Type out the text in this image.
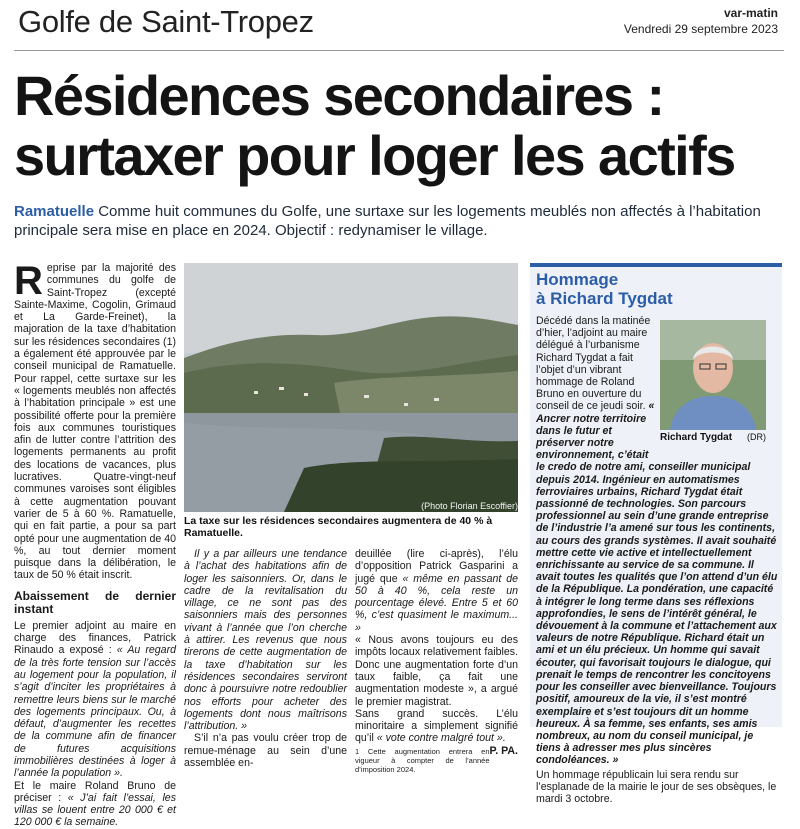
Golfe de Saint-Tropez	var-matin
Vendredi 29 septembre 2023
Résidences secondaires :
surtaxer pour loger les actifs
Ramatuelle Comme huit communes du Golfe, une surtaxe sur les logements meublés non affectés à l’habitation principale sera mise en place en 2024. Objectif : redynamiser le village.

Reprise par la majorité des communes du golfe de Saint-Tropez (excepté Sainte-Maxime, Cogolin, Grimaud et La Garde-Freinet), la majoration de la taxe d’habitation sur les résidences secondaires (1) a également été approuvée par le conseil municipal de Ramatuelle. Pour rappel, cette surtaxe sur les « logements meublés non affectés à l’habitation principale » est une possibilité offerte pour la première fois aux communes touristiques afin de lutter contre l’attrition des logements permanents au profit des locations de vacances, plus lucratives. Quatre-vingt-neuf communes varoises sont éligibles à cette augmentation pouvant varier de 5 à 60 %. Ramatuelle, qui en fait partie, a pour sa part opté pour une augmentation de 40 %, au tout dernier moment puisque dans la délibération, le taux de 50 % était inscrit.

Abaissement de dernier instant

Le premier adjoint au maire en charge des finances, Patrick Rinaudo a exposé : « Au regard de la très forte tension sur l’accès au logement pour la population, il s’agit d’inciter les propriétaires à remettre leurs biens sur le marché des logements principaux. Ou, à défaut, d’augmenter les recettes de la commune afin de financer de futures acquisitions immobilières destinées à loger à l’année la population ».

Et le maire Roland Bruno de préciser : « J’ai fait l’essai, les villas se louent entre 20 000 € et 120 000 € la semaine.

La taxe sur les résidences secondaires augmentera de 40 % à Ramatuelle.
(Photo Florian Escoffier)

Il y a par ailleurs une tendance à l’achat des habitations afin de loger les saisonniers. Or, dans le cadre de la revitalisation du village, ce ne sont pas des saisonniers mais des personnes vivant à l’année que l’on cherche à attirer. Les revenus que nous tirerons de cette augmentation de la taxe d’habitation sur les résidences secondaires serviront donc à poursuivre notre redoublier nos efforts pour acheter des logements dont nous maîtrisons l’attribution. »

S’il n’a pas voulu créer trop de remue-ménage au sein d’une assemblée en-

deuillée (lire ci-après), l’élu d’opposition Patrick Gasparini a jugé que « même en passant de 50 à 40 %, cela reste un pourcentage élevé. Entre 5 et 60 %, c’est quasiment le maximum... »

« Nous avons toujours eu des impôts locaux relativement faibles. Donc une augmentation forte d’un taux faible, ça fait une augmentation modeste », a argué le premier magistrat.

Sans grand succès. L’élu minoritaire a simplement signifié qu’il « vote contre malgré tout ».
P. PA.

1 Cette augmentation entrera en vigueur à compter de l’année d’imposition 2024.

Hommage
à Richard Tygdat
Richard Tygdat (DR)
Décédé dans la matinée d’hier, l’adjoint au maire délégué à l’urbanisme Richard Tygdat a fait l’objet d’un vibrant hommage de Roland Bruno en ouverture du conseil de ce jeudi soir. « Ancrer notre territoire dans le futur et préserver notre environnement, c’était le credo de notre ami, conseiller municipal depuis 2014. Ingénieur en automatismes ferroviaires urbains, Richard Tygdat était passionné de technologies. Son parcours professionnel au sein d’une grande entreprise de l’industrie l’a amené sur tous les continents, au cours des grands systèmes. Il avait souhaité mettre cette vie active et intellectuellement enrichissante au service de sa commune. Il avait toutes les qualités que l’on attend d’un élu de la République. La pondération, une capacité à intégrer le long terme dans ses réflexions approfondies, le sens de l’intérêt général, le dévouement à la commune et l’attachement aux valeurs de notre République. Richard était un ami et un élu précieux. Un homme qui savait écouter, qui favorisait toujours le dialogue, qui prenait le temps de rencontrer les concitoyens pour les conseiller avec bienveillance. Toujours positif, amoureux de la vie, il s’est montré exemplaire et s’est toujours dit un homme heureux. À sa femme, ses enfants, ses amis nombreux, au nom du conseil municipal, je tiens à adresser mes plus sincères condoléances. »
Un hommage républicain lui sera rendu sur l’esplanade de la mairie le jour de ses obsèques, le mardi 3 octobre.
